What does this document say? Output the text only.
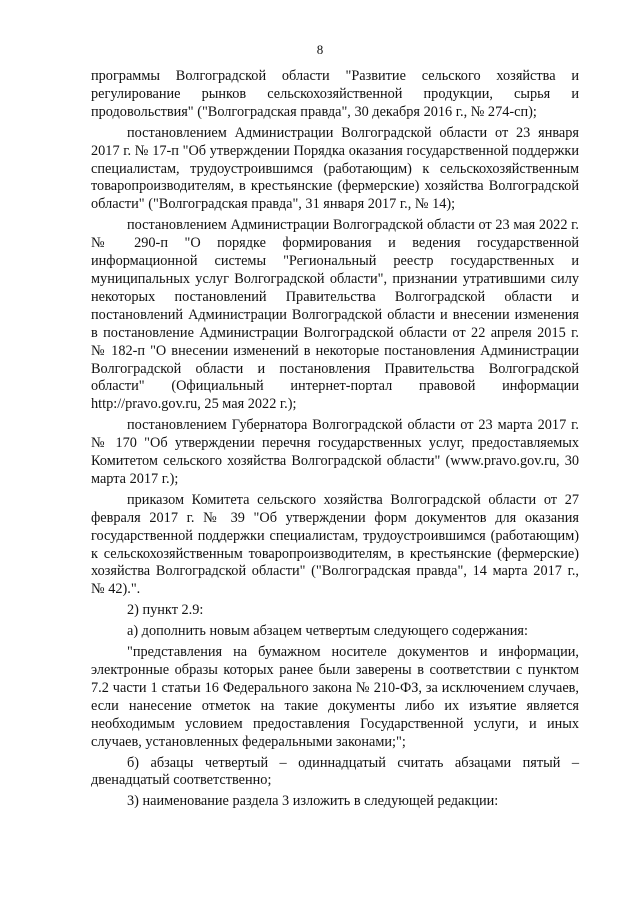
8

программы Волгоградской области "Развитие сельского хозяйства и регулирование рынков сельскохозяйственной продукции, сырья и продовольствия" ("Волгоградская правда", 30 декабря 2016 г., № 274-сп);

постановлением Администрации Волгоградской области от 23 января 2017 г. № 17-п "Об утверждении Порядка оказания государственной поддержки специалистам, трудоустроившимся (работающим) к сельскохозяйственным товаропроизводителям, в крестьянские (фермерские) хозяйства Волгоградской области" ("Волгоградская правда", 31 января 2017 г., № 14);

постановлением Администрации Волгоградской области от 23 мая 2022 г. № 290-п "О порядке формирования и ведения государственной информационной системы "Региональный реестр государственных и муниципальных услуг Волгоградской области", признании утратившими силу некоторых постановлений Правительства Волгоградской области и постановлений Администрации Волгоградской области и внесении изменения в постановление Администрации Волгоградской области от 22 апреля 2015 г. № 182-п "О внесении изменений в некоторые постановления Администрации Волгоградской области и постановления Правительства Волгоградской области" (Официальный интернет-портал правовой информации http://pravo.gov.ru, 25 мая 2022 г.);

постановлением Губернатора Волгоградской области от 23 марта 2017 г. № 170 "Об утверждении перечня государственных услуг, предоставляемых Комитетом сельского хозяйства Волгоградской области" (www.pravo.gov.ru, 30 марта 2017 г.);

приказом Комитета сельского хозяйства Волгоградской области от 27 февраля 2017 г. № 39 "Об утверждении форм документов для оказания государственной поддержки специалистам, трудоустроившимся (работающим) к сельскохозяйственным товаропроизводителям, в крестьянские (фермерские) хозяйства Волгоградской области" ("Волгоградская правда", 14 марта 2017 г., № 42).".

2) пункт 2.9:

а) дополнить новым абзацем четвертым следующего содержания:

"представления на бумажном носителе документов и информации, электронные образы которых ранее были заверены в соответствии с пунктом 7.2 части 1 статьи 16 Федерального закона № 210-ФЗ, за исключением случаев, если нанесение отметок на такие документы либо их изъятие является необходимым условием предоставления Государственной услуги, и иных случаев, установленных федеральными законами;";

б) абзацы четвертый – одиннадцатый считать абзацами пятый – двенадцатый соответственно;

3) наименование раздела 3 изложить в следующей редакции:
